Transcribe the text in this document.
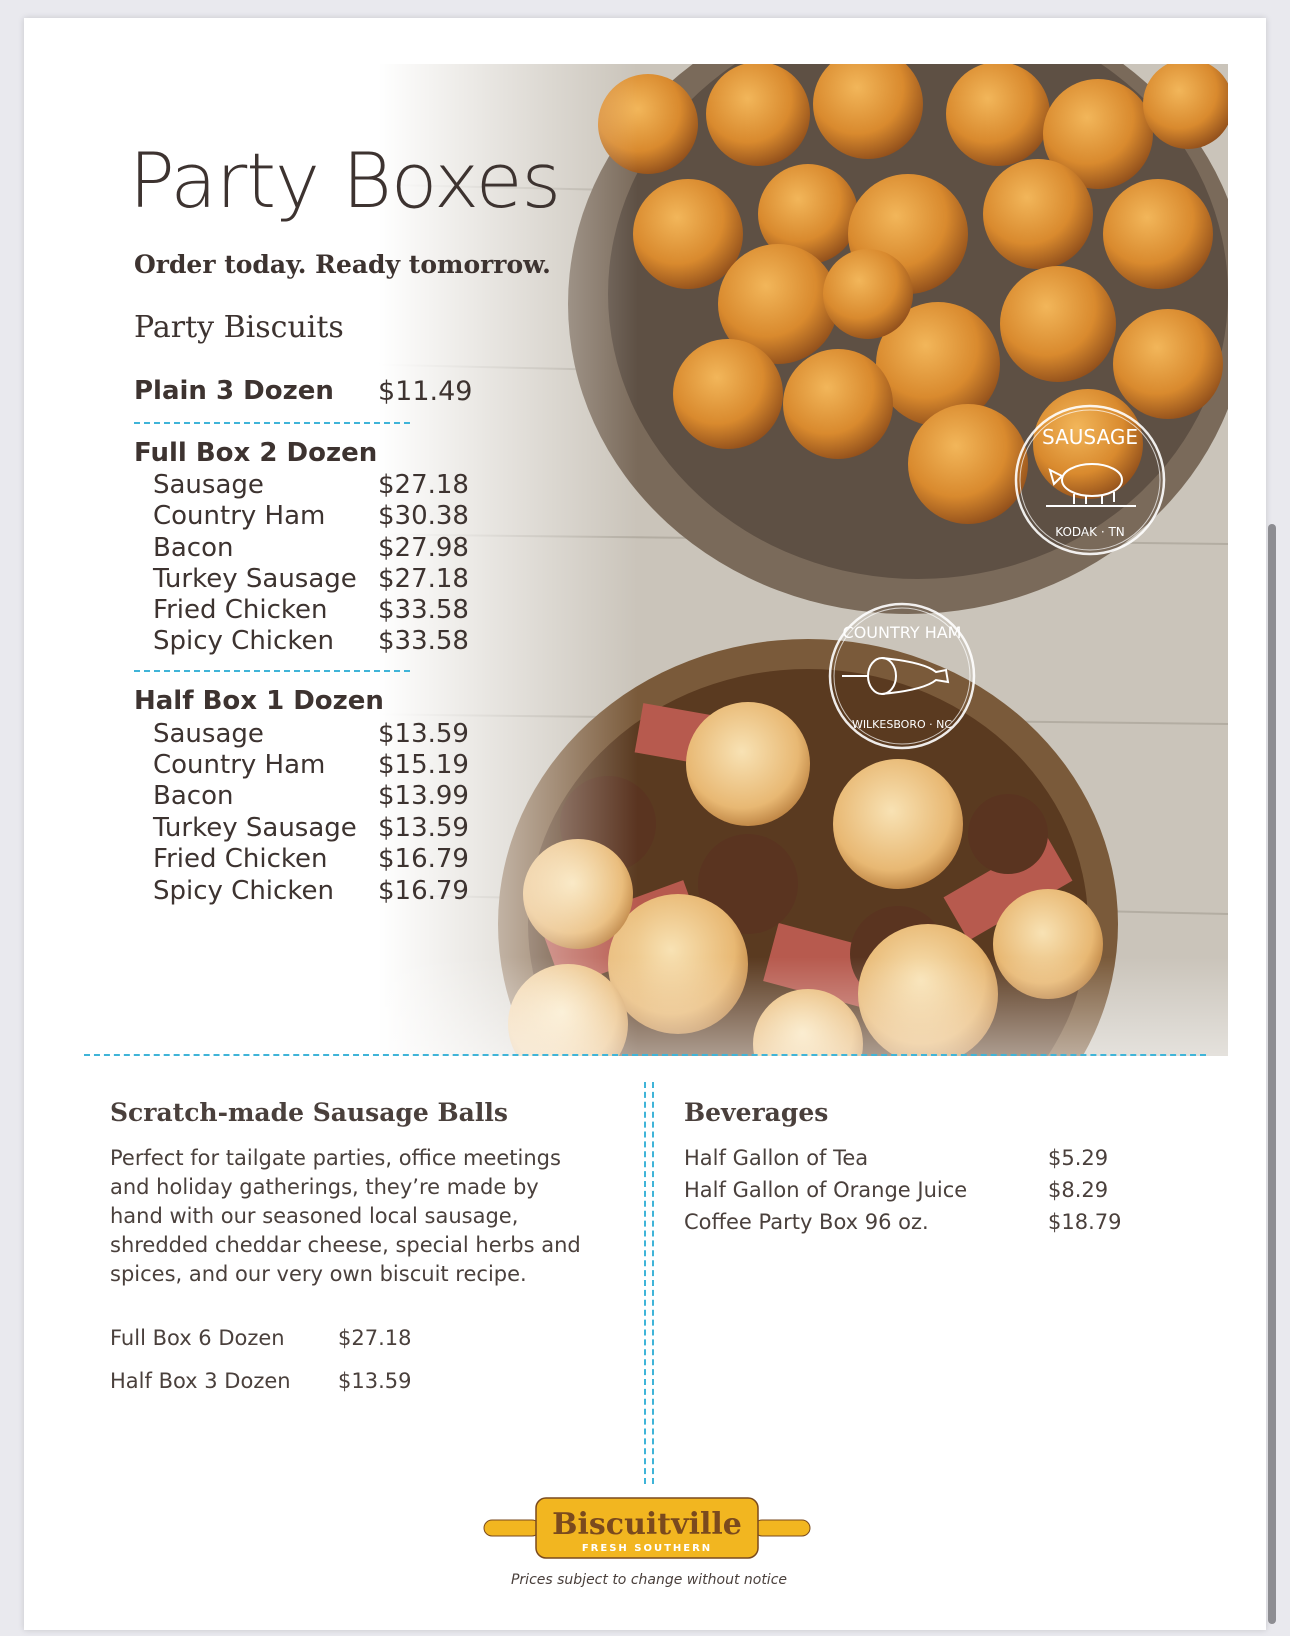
Party Boxes
Order today. Ready tomorrow.
Party Biscuits
Plain 3 Dozen $11.49
Full Box 2 Dozen
Sausage	$27.18
Country Ham $30.38
Bacon	$27.98
Turkey Sausage $27.18
Fried Chicken $33.58
Spicy Chicken $33.58
Half Box 1 Dozen
Sausage	$13.59
Country Ham $15.19
Bacon	$13.99
Turkey Sausage $13.59
Fried Chicken $16.79
Spicy Chicken $16.79
SAUSAGE
KODAK · TN
COUNTRY HAM
WILKESBORO · NC
Scratch-made Sausage Balls
Perfect for tailgate parties, office meetings and holiday gatherings, they’re made by hand with our seasoned local sausage, shredded cheddar cheese, special herbs and spices, and our very own biscuit recipe.
Full Box 6 Dozen	$27.18
Half Box 3 Dozen $13.59
Beverages
Half Gallon of Tea	$5.29
Half Gallon of Orange Juice	$8.29
Coffee Party Box 96 oz.	$18.79
Biscuitville
FRESH SOUTHERN
Prices subject to change without notice
